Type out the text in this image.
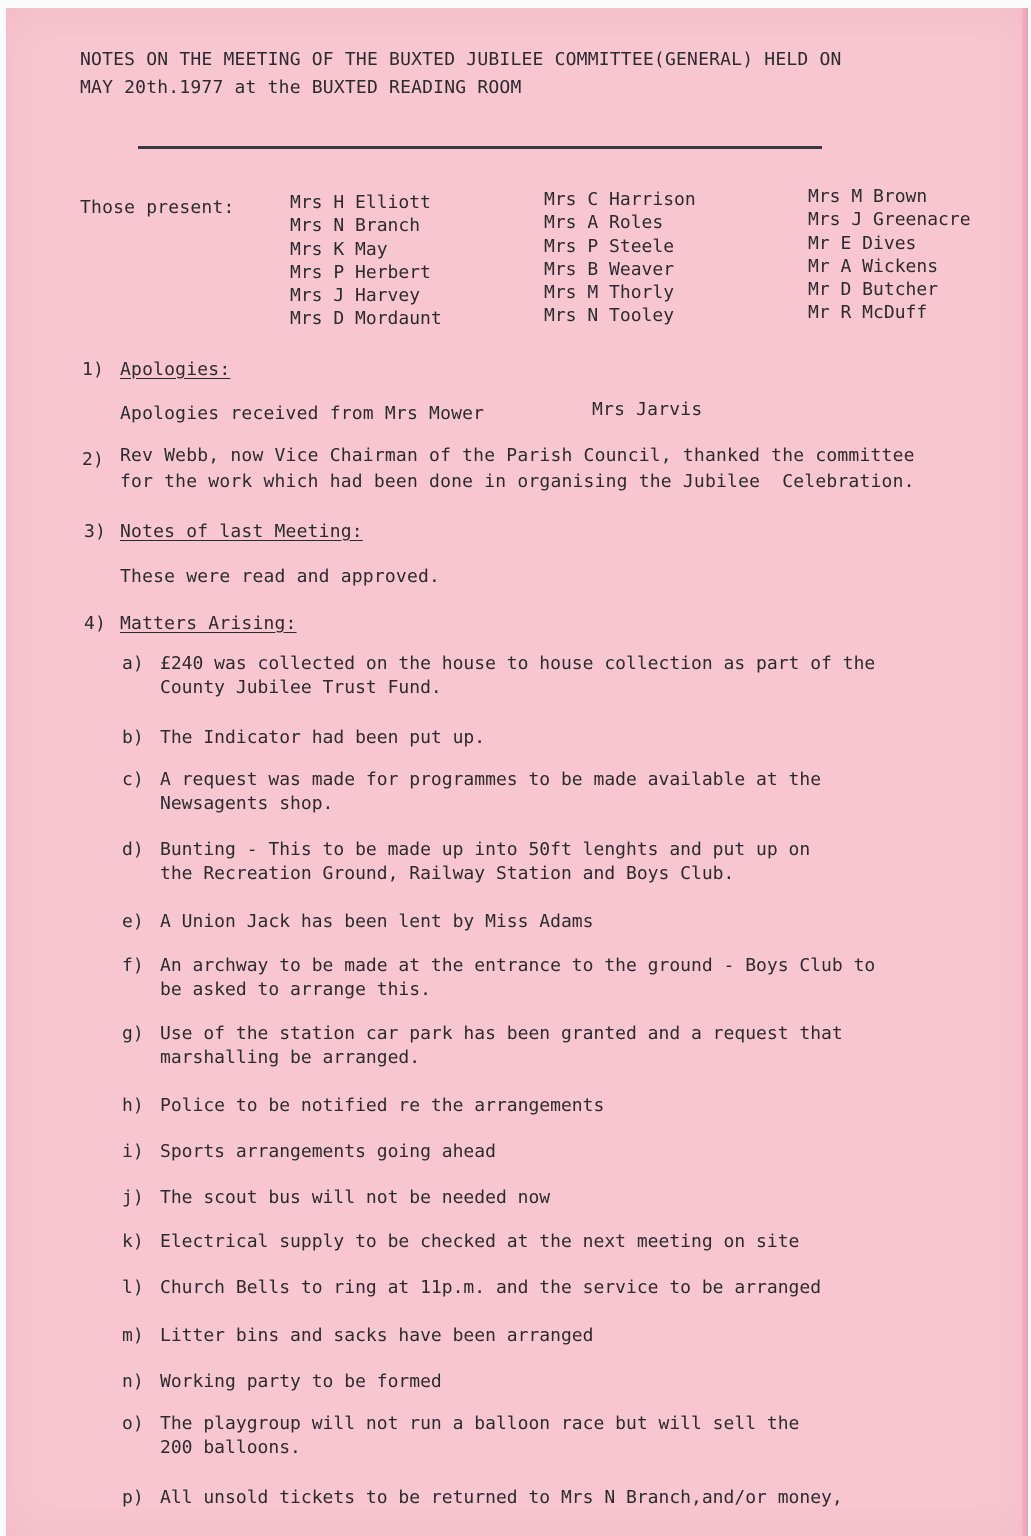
NOTES ON THE MEETING OF THE BUXTED JUBILEE COMMITTEE(GENERAL) HELD ON
MAY 20th.1977 at the BUXTED READING ROOM
Those present:	Mrs H Elliott
Mrs N Branch
Mrs K May
Mrs P Herbert
Mrs J Harvey
Mrs D Mordaunt
Mrs C Harrison
Mrs A Roles
Mrs P Steele
Mrs B Weaver
Mrs M Thorly
Mrs N Tooley
Mrs M Brown
Mrs J Greenacre
Mr E Dives
Mr A Wickens
Mr D Butcher
Mr R McDuff
1) Apologies:
Apologies received from Mrs Mower	Mrs Jarvis
2) Rev Webb, now Vice Chairman of the Parish Council, thanked the committee
for the work which had been done in organising the Jubilee  Celebration.
3) Notes of last Meeting:
These were read and approved.
4) Matters Arising:
a) £240 was collected on the house to house collection as part of the
County Jubilee Trust Fund.
b) The Indicator had been put up.
c) A request was made for programmes to be made available at the
Newsagents shop.
d) Bunting - This to be made up into 50ft lenghts and put up on
the Recreation Ground, Railway Station and Boys Club.
e) A Union Jack has been lent by Miss Adams
f) An archway to be made at the entrance to the ground - Boys Club to
be asked to arrange this.
g) Use of the station car park has been granted and a request that
marshalling be arranged.
h) Police to be notified re the arrangements
i) Sports arrangements going ahead
j) The scout bus will not be needed now
k) Electrical supply to be checked at the next meeting on site
l) Church Bells to ring at 11p.m. and the service to be arranged
m) Litter bins and sacks have been arranged
n) Working party to be formed
o) The playgroup will not run a balloon race but will sell the
200 balloons.
p) All unsold tickets to be returned to Mrs N Branch,and/or money,
